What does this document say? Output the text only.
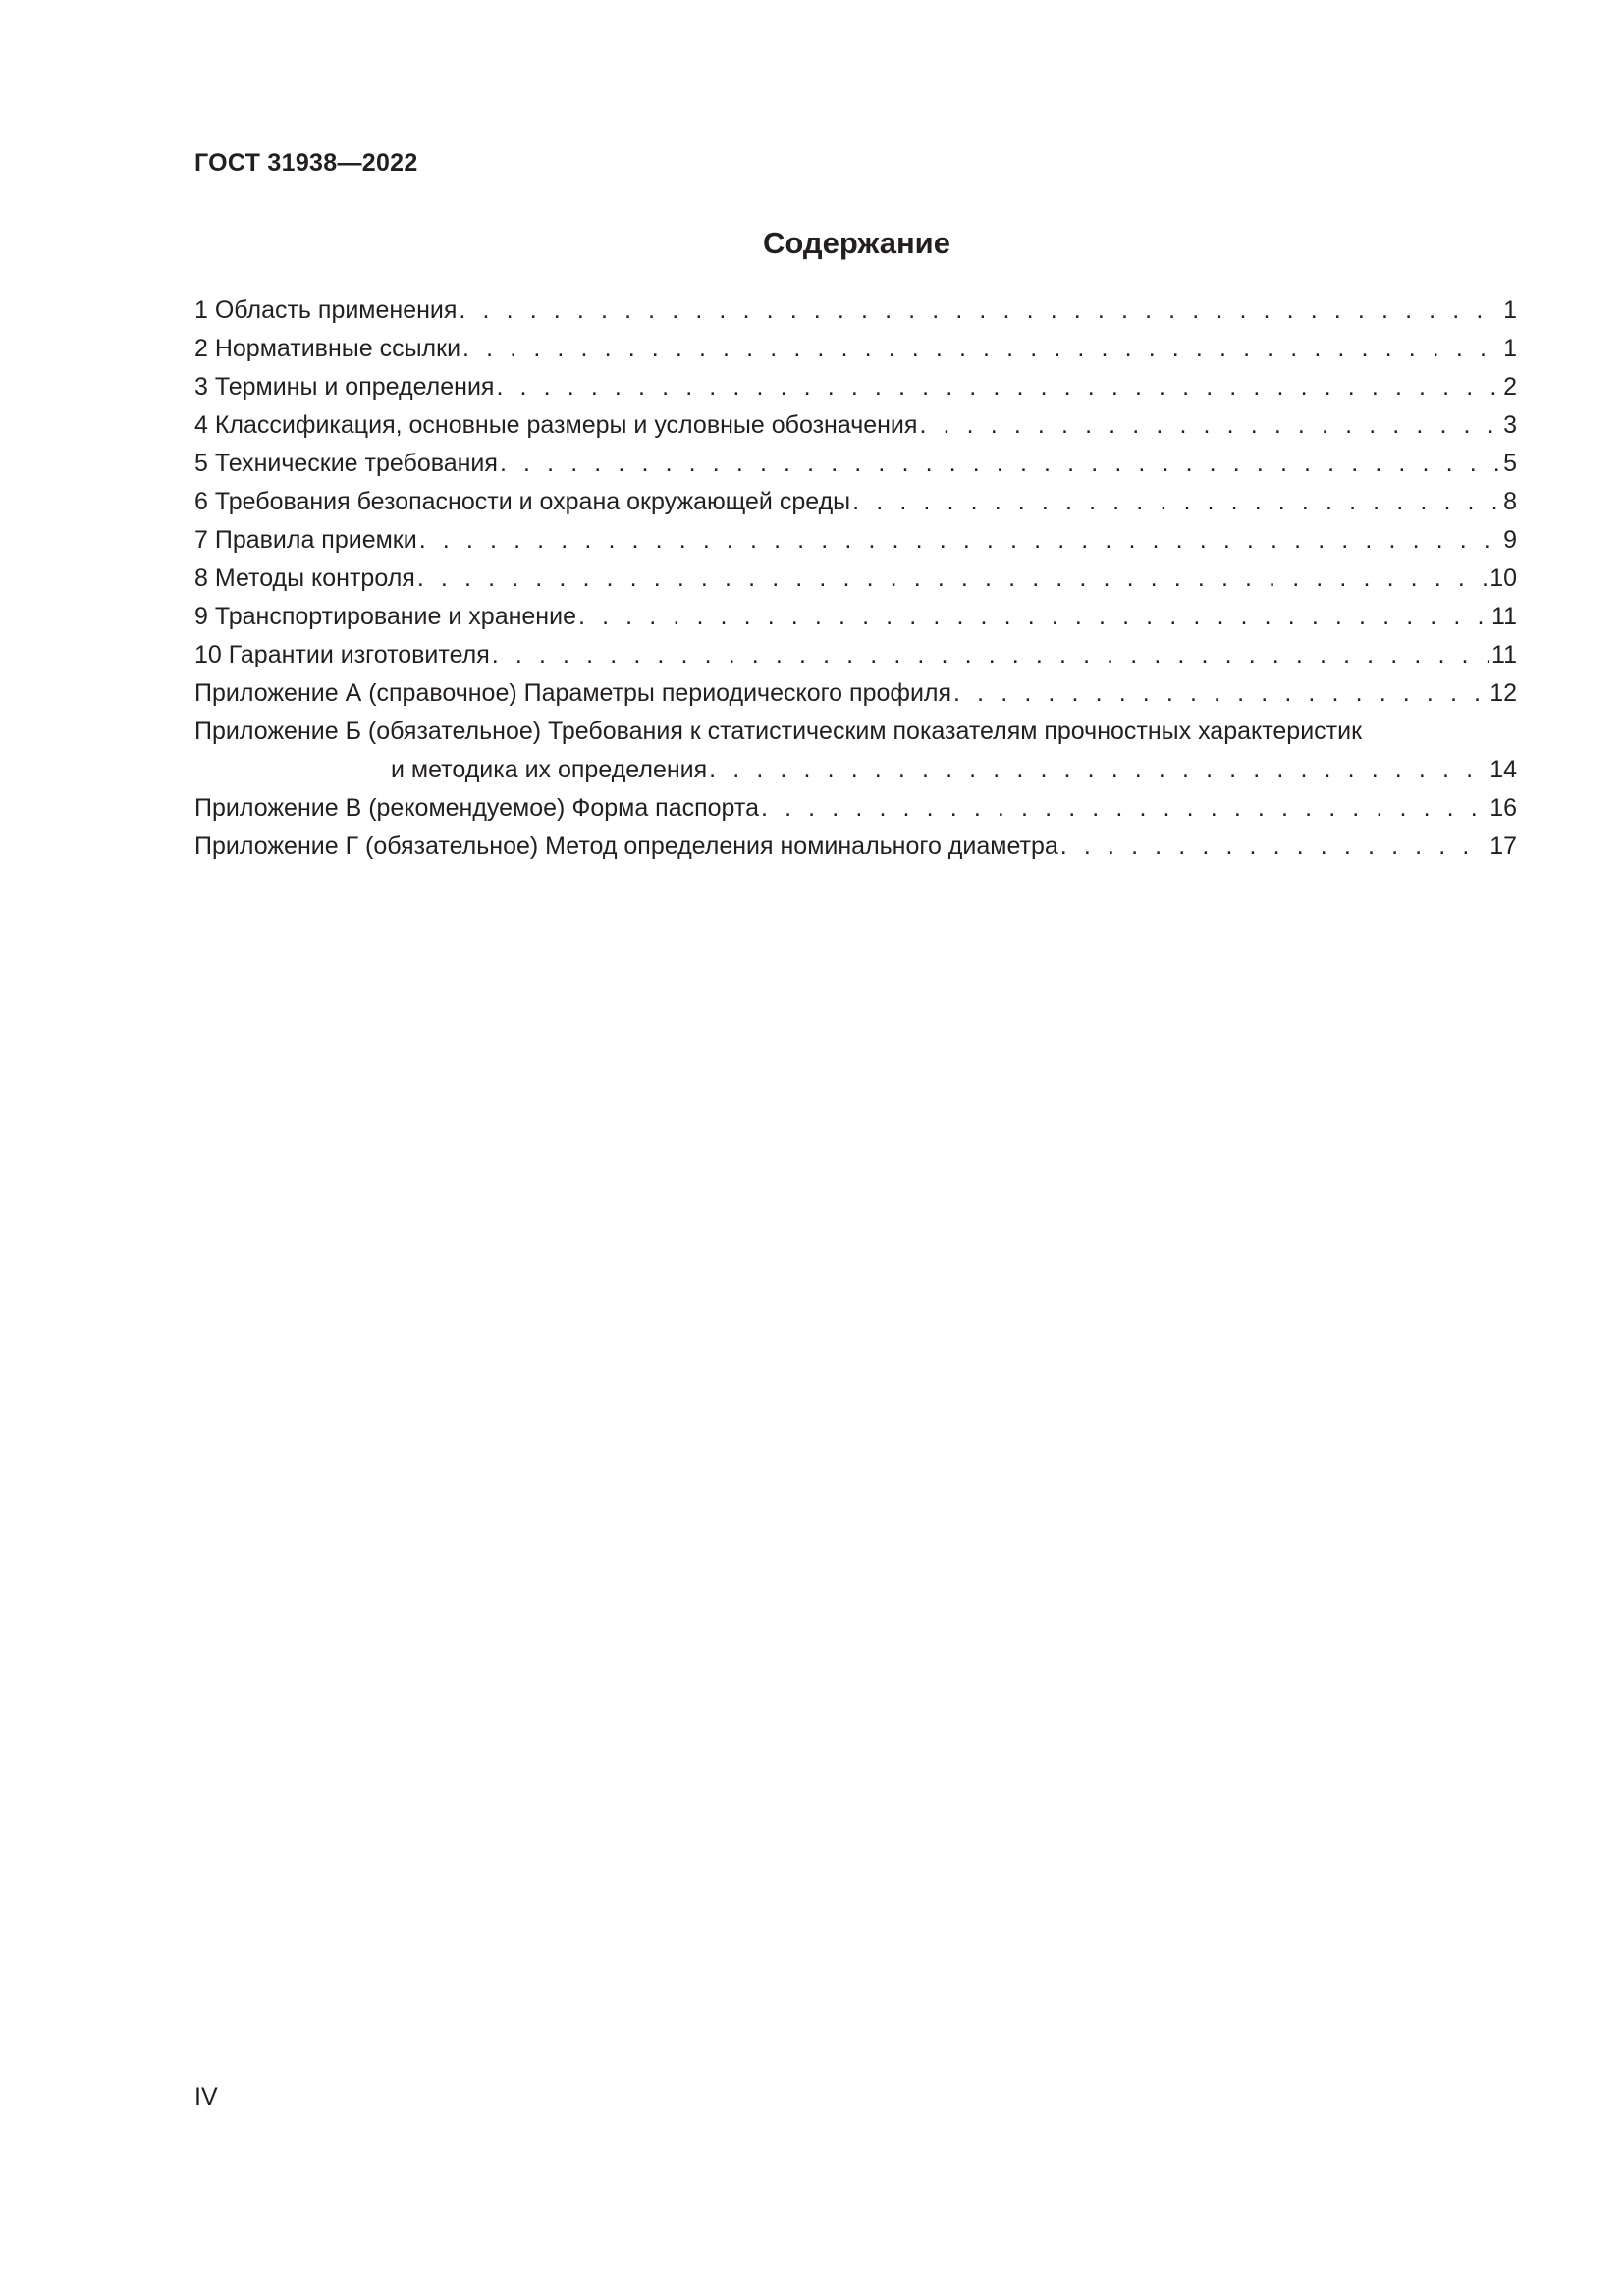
ГОСТ 31938—2022
Содержание
1 Область применения . . .	1
2 Нормативные ссылки . . .	1
3 Термины и определения . . .	2
4 Классификация, основные размеры и условные обозначения . . .	3
5 Технические требования . . .	5
6 Требования безопасности и охрана окружающей среды . . .	8
7 Правила приемки . . .	9
8 Методы контроля . . .	10
9 Транспортирование и хранение . . .	11
10 Гарантии изготовителя . . .	11
Приложение А (справочное) Параметры периодического профиля . . .	12
Приложение Б (обязательное) Требования к статистическим показателям прочностных характеристик
и методика их определения . . .	14
Приложение В (рекомендуемое) Форма паспорта . . .	16
Приложение Г (обязательное) Метод определения номинального диаметра . . .	17
IV
